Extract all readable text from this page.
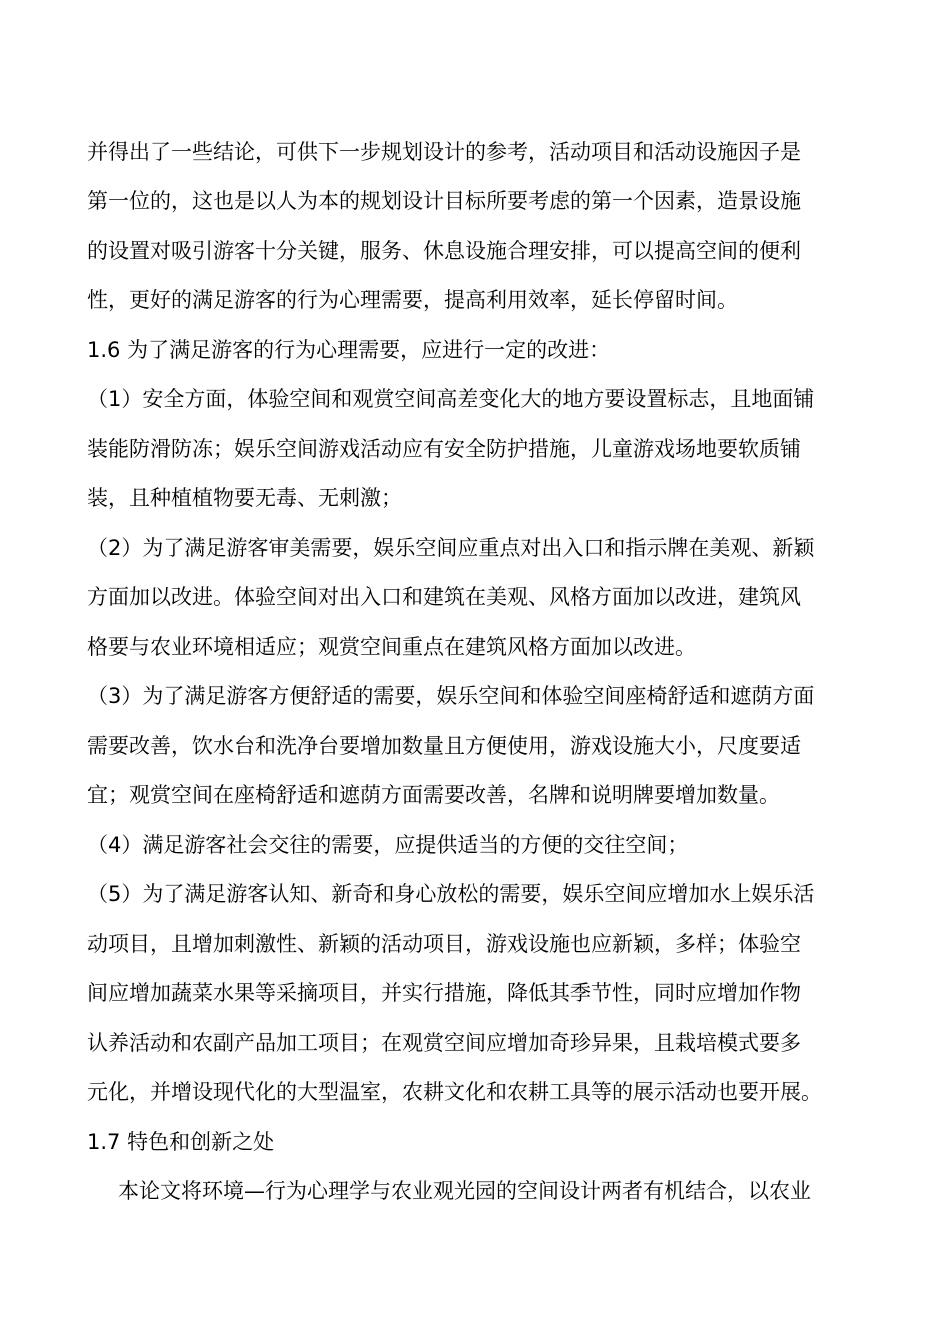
并得出了一些结论，可供下一步规划设计的参考，活动项目和活动设施因子是

第一位的，这也是以人为本的规划设计目标所要考虑的第一个因素，造景设施

的设置对吸引游客十分关键，服务、休息设施合理安排，可以提高空间的便利

性，更好的满足游客的行为心理需要，提高利用效率，延长停留时间。

1.6 为了满足游客的行为心理需要，应进行一定的改进：

（1）安全方面，体验空间和观赏空间高差变化大的地方要设置标志，且地面铺

装能防滑防冻；娱乐空间游戏活动应有安全防护措施，儿童游戏场地要软质铺

装，且种植植物要无毒、无刺激；

（2）为了满足游客审美需要，娱乐空间应重点对出入口和指示牌在美观、新颖

方面加以改进。体验空间对出入口和建筑在美观、风格方面加以改进，建筑风

格要与农业环境相适应；观赏空间重点在建筑风格方面加以改进。

（3）为了满足游客方便舒适的需要，娱乐空间和体验空间座椅舒适和遮荫方面

需要改善，饮水台和洗净台要增加数量且方便使用，游戏设施大小，尺度要适

宜；观赏空间在座椅舒适和遮荫方面需要改善，名牌和说明牌要增加数量。

（4）满足游客社会交往的需要，应提供适当的方便的交往空间；

（5）为了满足游客认知、新奇和身心放松的需要，娱乐空间应增加水上娱乐活

动项目，且增加刺激性、新颖的活动项目，游戏设施也应新颖，多样；体验空

间应增加蔬菜水果等采摘项目，并实行措施，降低其季节性，同时应增加作物

认养活动和农副产品加工项目；在观赏空间应增加奇珍异果，且栽培模式要多

元化，并增设现代化的大型温室，农耕文化和农耕工具等的展示活动也要开展。

1.7 特色和创新之处

本论文将环境—行为心理学与农业观光园的空间设计两者有机结合，以农业
